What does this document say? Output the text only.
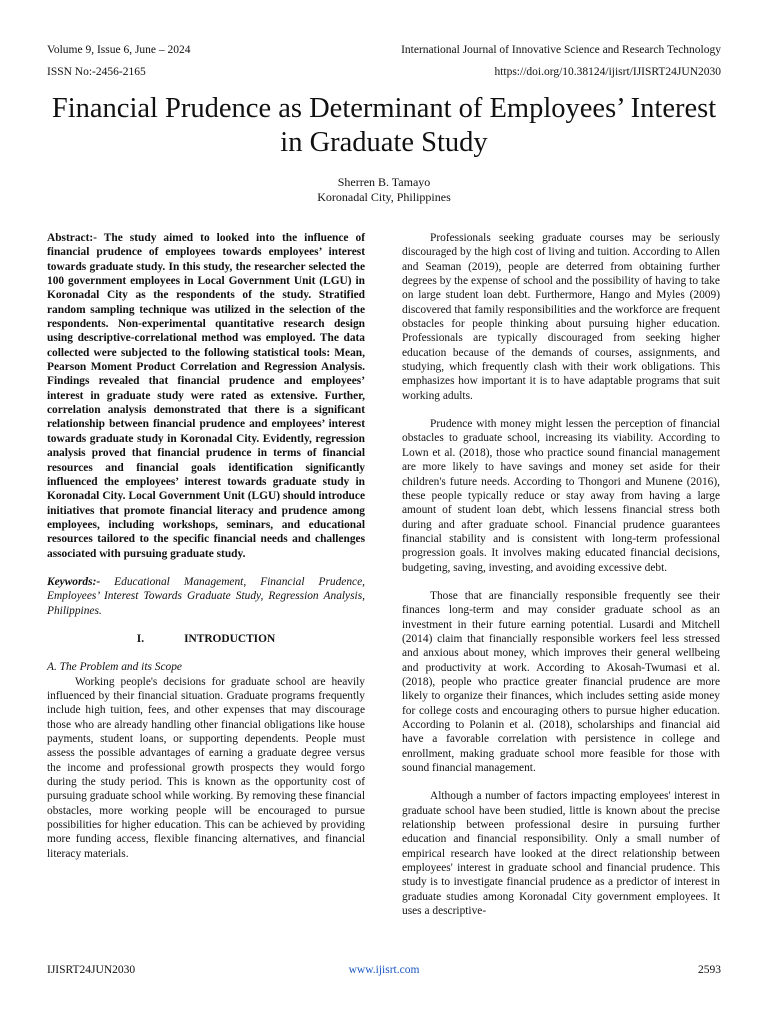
Volume 9, Issue 6, June – 2024	International Journal of Innovative Science and Research Technology
ISSN No:-2456-2165	https://doi.org/10.38124/ijisrt/IJISRT24JUN2030
Financial Prudence as Determinant of Employees’ Interest in Graduate Study
Sherren B. Tamayo
Koronadal City, Philippines

Abstract:- The study aimed to looked into the influence of financial prudence of employees towards employees’ interest towards graduate study. In this study, the researcher selected the 100 government employees in Local Government Unit (LGU) in Koronadal City as the respondents of the study. Stratified random sampling technique was utilized in the selection of the respondents. Non-experimental quantitative research design using descriptive-correlational method was employed. The data collected were subjected to the following statistical tools: Mean, Pearson Moment Product Correlation and Regression Analysis. Findings revealed that financial prudence and employees’ interest in graduate study were rated as extensive. Further, correlation analysis demonstrated that there is a significant relationship between financial prudence and employees’ interest towards graduate study in Koronadal City. Evidently, regression analysis proved that financial prudence in terms of financial resources and financial goals identification significantly influenced the employees’ interest towards graduate study in Koronadal City. Local Government Unit (LGU) should introduce initiatives that promote financial literacy and prudence among employees, including workshops, seminars, and educational resources tailored to the specific financial needs and challenges associated with pursuing graduate study.

Keywords:- Educational Management, Financial Prudence, Employees’ Interest Towards Graduate Study, Regression Analysis, Philippines.

I.	INTRODUCTION

A. The Problem and its Scope

Working people's decisions for graduate school are heavily influenced by their financial situation. Graduate programs frequently include high tuition, fees, and other expenses that may discourage those who are already handling other financial obligations like house payments, student loans, or supporting dependents. People must assess the possible advantages of earning a graduate degree versus the income and professional growth prospects they would forgo during the study period. This is known as the opportunity cost of pursuing graduate school while working. By removing these financial obstacles, more working people will be encouraged to pursue possibilities for higher education. This can be achieved by providing more funding access, flexible financing alternatives, and financial literacy materials.

Professionals seeking graduate courses may be seriously discouraged by the high cost of living and tuition. According to Allen and Seaman (2019), people are deterred from obtaining further degrees by the expense of school and the possibility of having to take on large student loan debt. Furthermore, Hango and Myles (2009) discovered that family responsibilities and the workforce are frequent obstacles for people thinking about pursuing higher education. Professionals are typically discouraged from seeking higher education because of the demands of courses, assignments, and studying, which frequently clash with their work obligations. This emphasizes how important it is to have adaptable programs that suit working adults.

Prudence with money might lessen the perception of financial obstacles to graduate school, increasing its viability. According to Lown et al. (2018), those who practice sound financial management are more likely to have savings and money set aside for their children's future needs. According to Thongori and Munene (2016), these people typically reduce or stay away from having a large amount of student loan debt, which lessens financial stress both during and after graduate school. Financial prudence guarantees financial stability and is consistent with long-term professional progression goals. It involves making educated financial decisions, budgeting, saving, investing, and avoiding excessive debt.

Those that are financially responsible frequently see their finances long-term and may consider graduate school as an investment in their future earning potential. Lusardi and Mitchell (2014) claim that financially responsible workers feel less stressed and anxious about money, which improves their general wellbeing and productivity at work. According to Akosah-Twumasi et al. (2018), people who practice greater financial prudence are more likely to organize their finances, which includes setting aside money for college costs and encouraging others to pursue higher education. According to Polanin et al. (2018), scholarships and financial aid have a favorable correlation with persistence in college and enrollment, making graduate school more feasible for those with sound financial management.

Although a number of factors impacting employees' interest in graduate school have been studied, little is known about the precise relationship between professional desire in pursuing further education and financial responsibility. Only a small number of empirical research have looked at the direct relationship between employees' interest in graduate school and financial prudence. This study is to investigate financial prudence as a predictor of interest in graduate studies among Koronadal City government employees. It uses a descriptive-

IJISRT24JUN2030	www.ijisrt.com	2593
